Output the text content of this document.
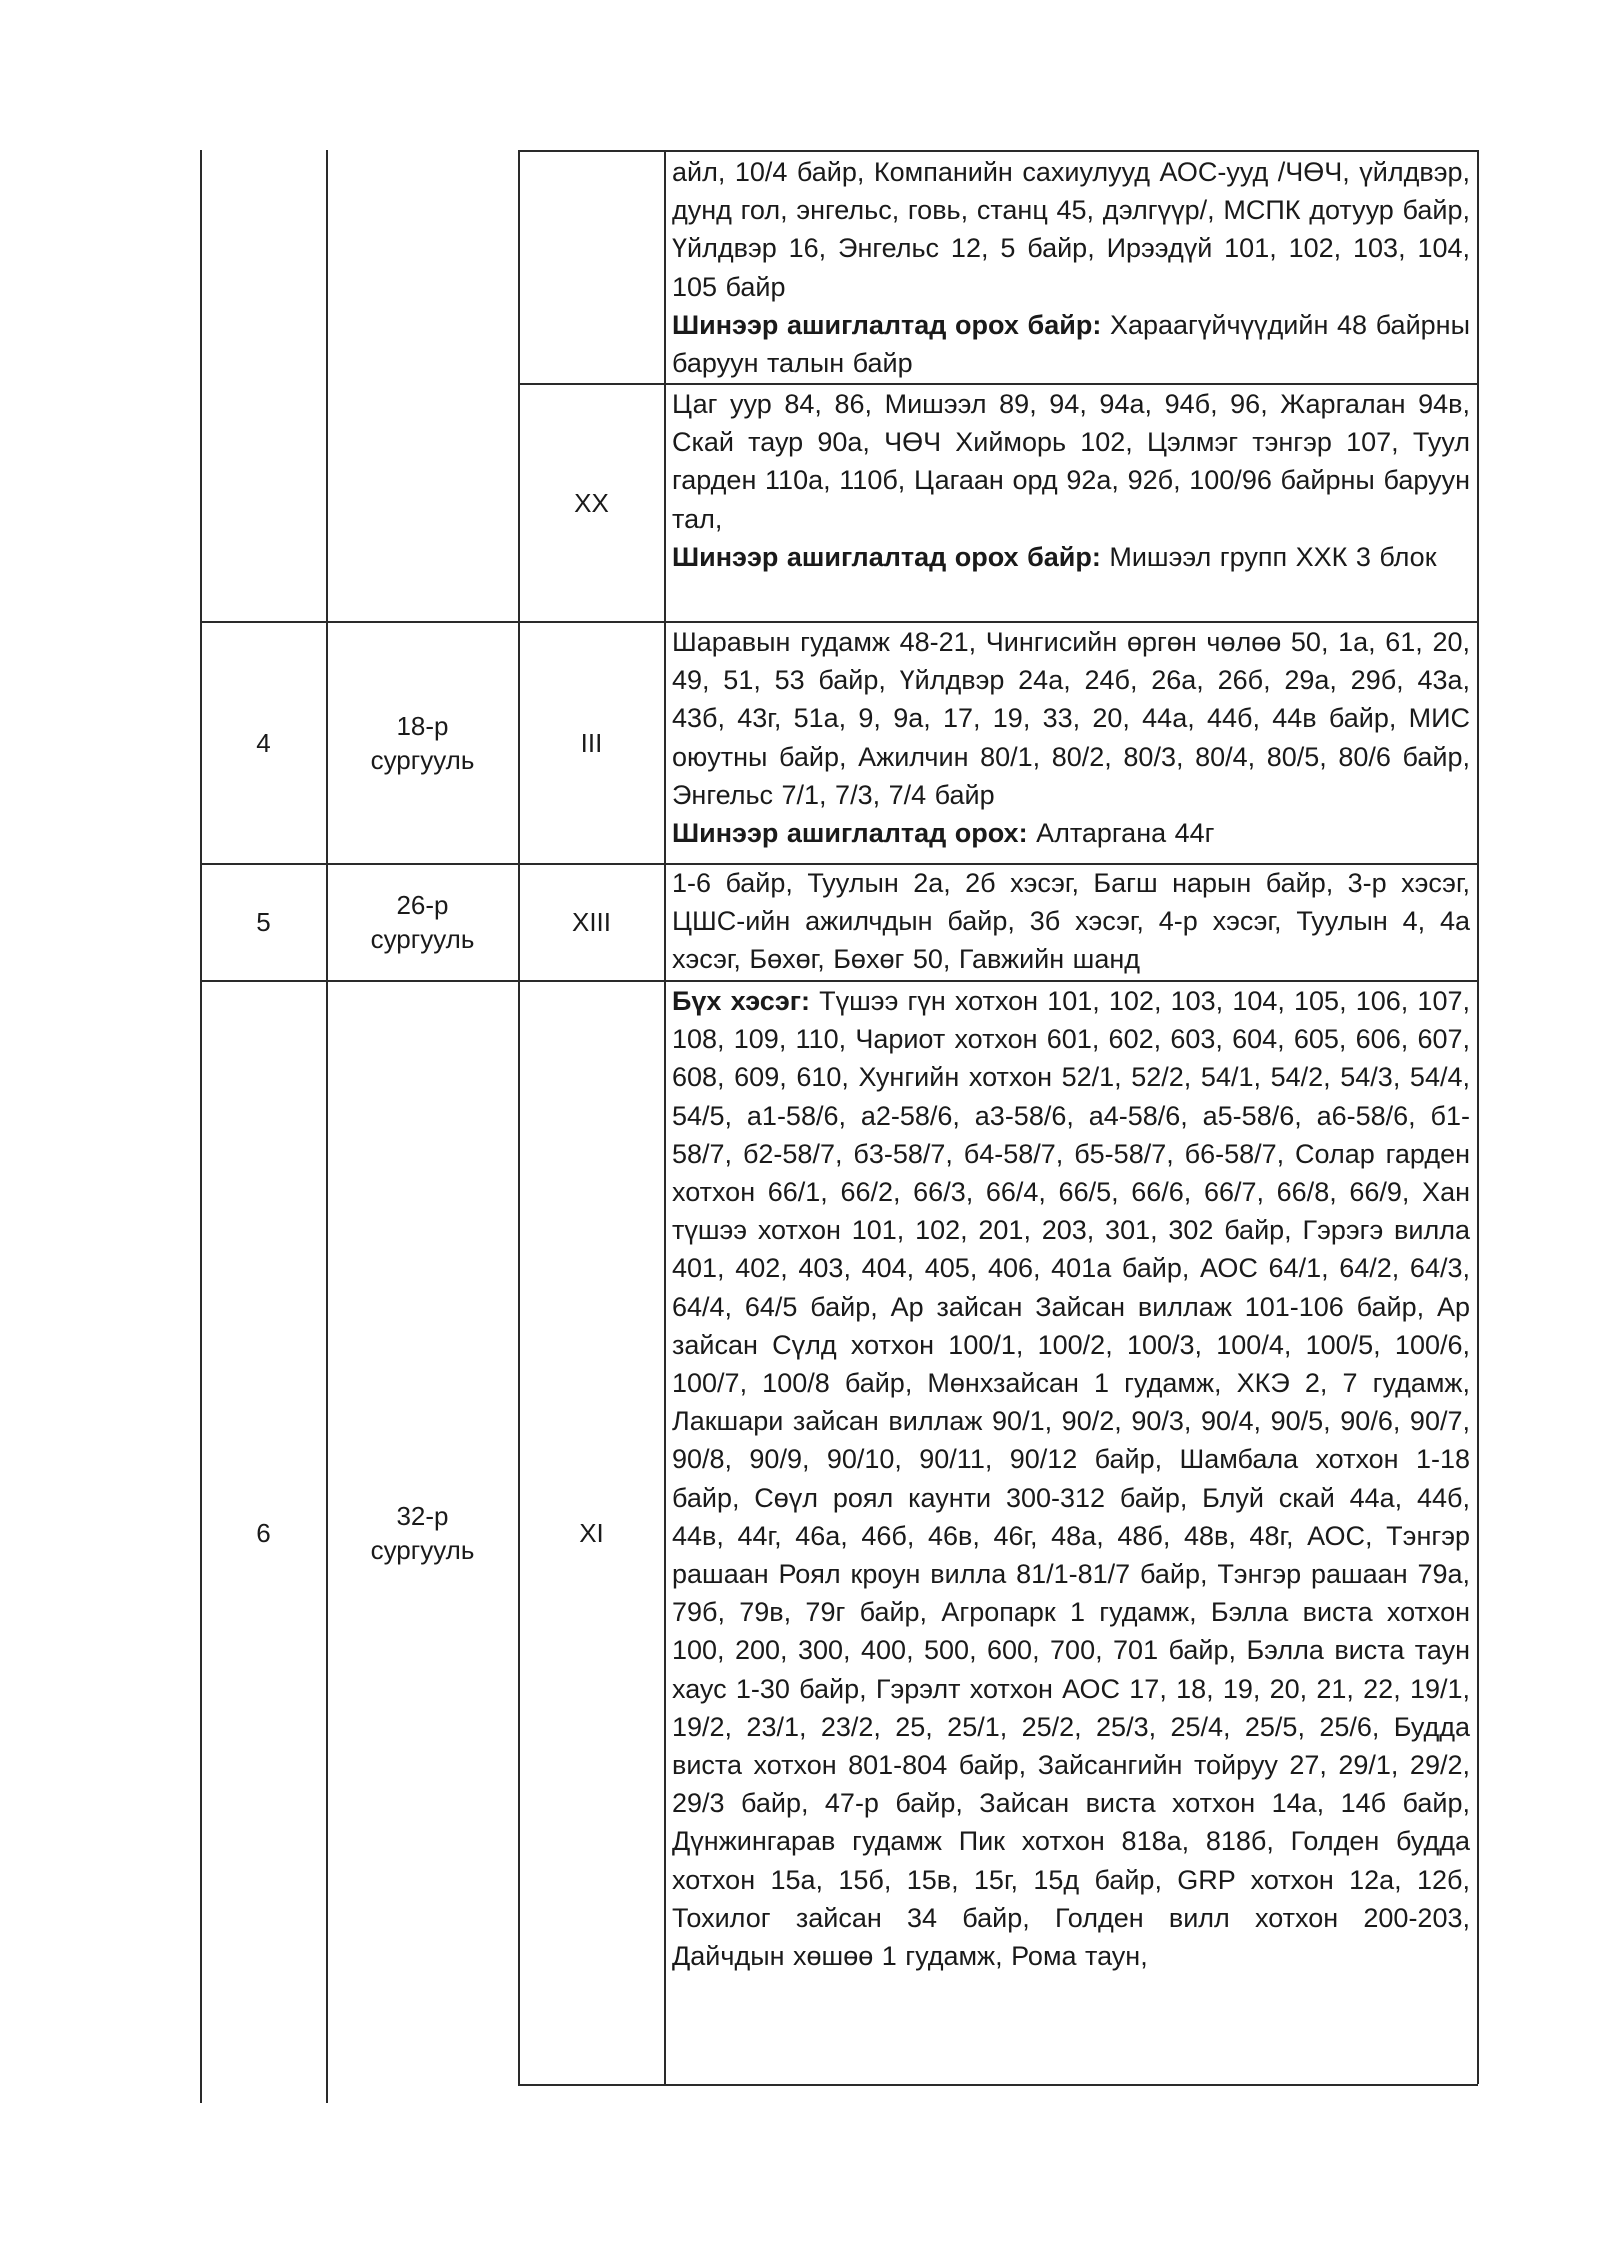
айл, 10/4 байр, Компанийн сахиулууд АОС-ууд /ЧӨЧ, үйлдвэр, дунд гол, энгельс, говь, станц 45, дэлгүүр/, МСПК дотуур байр, Үйлдвэр 16, Энгельс 12, 5 байр, Ирээдүй 101, 102, 103, 104, 105 байр

Шинээр ашиглалтад орох байр: Хараагүйчүүдийн 48 байрны баруун талын байр

XX

Цаг уур 84, 86, Мишээл 89, 94, 94а, 94б, 96, Жаргалан 94в, Скай таур 90а, ЧӨЧ Хиймoрь 102, Цэлмэг тэнгэр 107, Туул гарден 110а, 110б, Цагаан орд 92а, 92б, 100/96 байрны баруун тал,

Шинээр ашиглалтад орох байр: Мишээл групп ХХК 3 блок

4
18-р
сургууль
III

Шаравын гудамж 48-21, Чингисийн өргөн чөлөө 50, 1а, 61, 20, 49, 51, 53 байр, Үйлдвэр 24а, 24б, 26а, 26б, 29а, 29б, 43а, 43б, 43г, 51а, 9, 9а, 17, 19, 33, 20, 44а, 44б, 44в байр, МИС оюутны байр, Ажилчин 80/1, 80/2, 80/3, 80/4, 80/5, 80/6 байр, Энгельс 7/1, 7/3, 7/4 байр

Шинээр ашиглалтад орох: Алтаргана 44г

5
26-р
сургууль
XIII

1-6 байр, Туулын 2а, 2б хэсэг, Багш нарын байр, 3-р хэсэг, ЦШС-ийн ажилчдын байр, 3б хэсэг, 4-р хэсэг, Туулын 4, 4а хэсэг, Бөхөг, Бөхөг 50, Гавжийн шанд

6
32-р
сургууль
XI

Бүх хэсэг: Түшээ гүн хотхон 101, 102, 103, 104, 105, 106, 107, 108, 109, 110, Чариот хотхон 601, 602, 603, 604, 605, 606, 607, 608, 609, 610, Хунгийн хотхон 52/1, 52/2, 54/1, 54/2, 54/3, 54/4, 54/5, а1-58/6, а2-58/6, а3-58/6, а4-58/6, а5-58/6, а6-58/6, б1-58/7, б2-58/7, б3-58/7, б4-58/7, б5-58/7, б6-58/7, Солар гарден хотхон 66/1, 66/2, 66/3, 66/4, 66/5, 66/6, 66/7, 66/8, 66/9, Хан түшээ хотхон 101, 102, 201, 203, 301, 302 байр, Гэрэгэ вилла 401, 402, 403, 404, 405, 406, 401а байр, АОС 64/1, 64/2, 64/3, 64/4, 64/5 байр, Ар зайсан Зайсан виллаж 101-106 байр, Ар зайсан Сүлд хотхон 100/1, 100/2, 100/3, 100/4, 100/5, 100/6, 100/7, 100/8 байр, Мөнхзайсан 1 гудамж, ХКЭ 2, 7 гудамж, Лакшари зайсан виллаж 90/1, 90/2, 90/3, 90/4, 90/5, 90/6, 90/7, 90/8, 90/9, 90/10, 90/11, 90/12 байр, Шамбала хотхон 1-18 байр, Сөүл роял каунти 300-312 байр, Блуй скай 44а, 44б, 44в, 44г, 46а, 46б, 46в, 46г, 48а, 48б, 48в, 48г, АОС, Тэнгэр рашаан Роял кроун вилла 81/1-81/7 байр, Тэнгэр рашаан 79а, 79б, 79в, 79г байр, Агропарк 1 гудамж, Бэлла виста хотхон 100, 200, 300, 400, 500, 600, 700, 701 байр, Бэлла виста таун хаус 1-30 байр, Гэрэлт хотхон АОС 17, 18, 19, 20, 21, 22, 19/1, 19/2, 23/1, 23/2, 25, 25/1, 25/2, 25/3, 25/4, 25/5, 25/6, Будда виста хотхон 801-804 байр, Зайсангийн тойруу 27, 29/1, 29/2, 29/3 байр, 47-р байр, Зайсан виста хотхон 14а, 14б байр, Дүнжингарав гудамж Пик хотхон 818а, 818б, Голден будда хотхон 15а, 15б, 15в, 15г, 15д байр, GRP хотхон 12а, 12б, Тохилог зайсан 34 байр, Голден вилл хотхон 200-203, Дайчдын хөшөө 1 гудамж, Рома таун,
